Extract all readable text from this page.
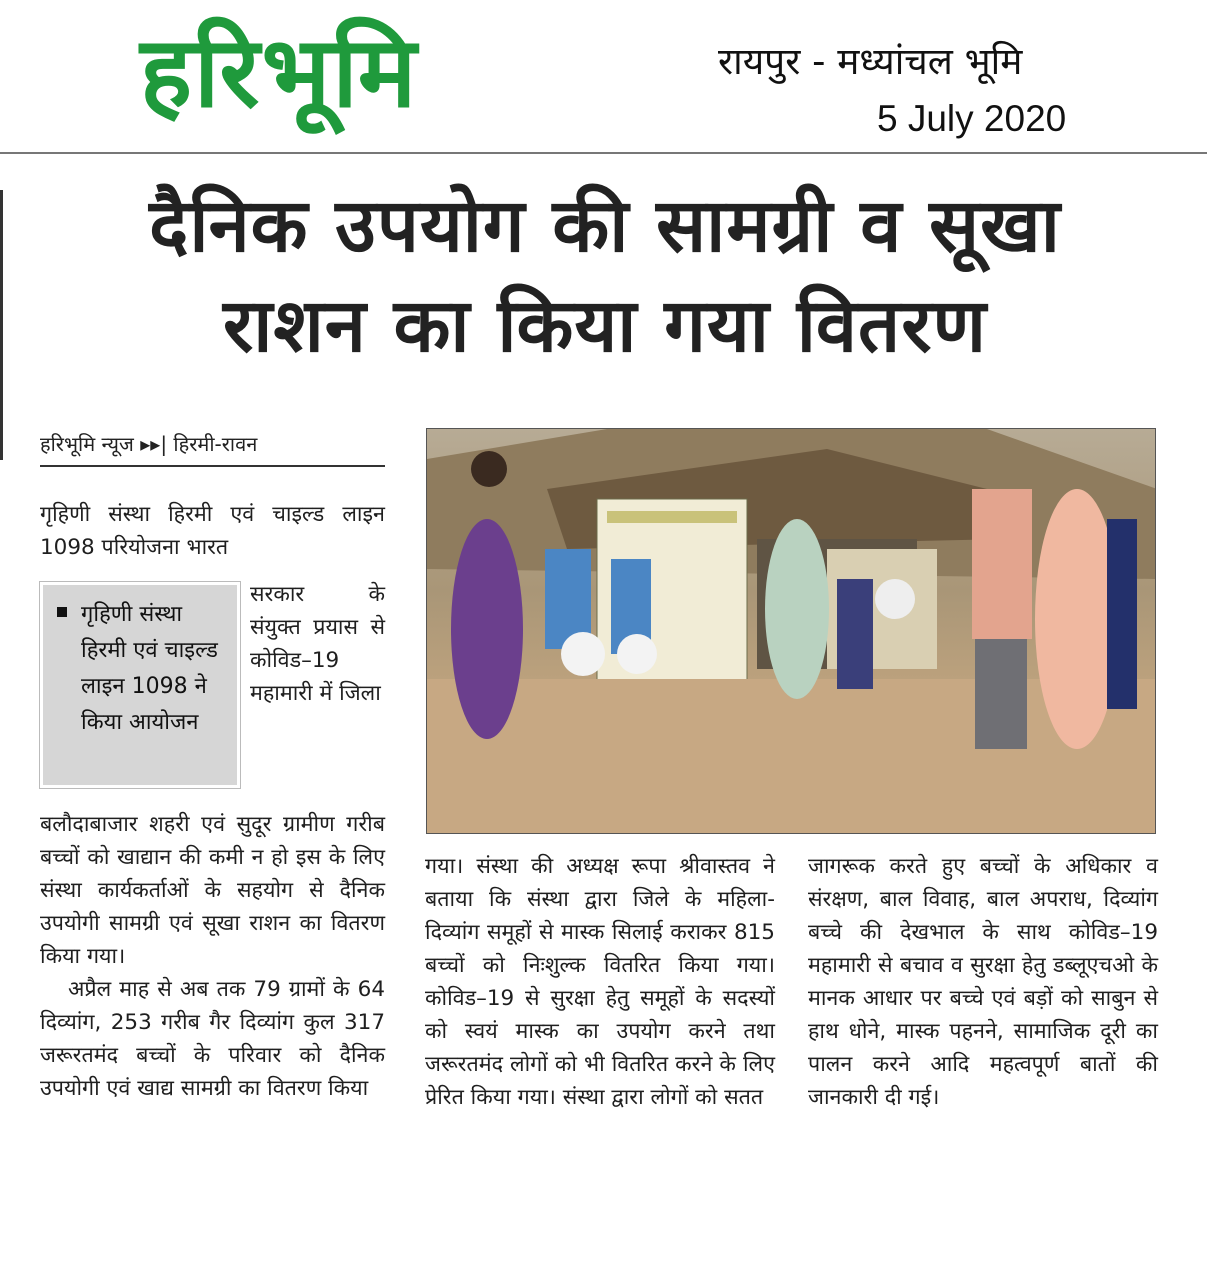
हरिभूमि	रायपुर - मध्यांचल भूमि
5 July 2020
दैनिक उपयोग की सामग्री व सूखा
राशन का किया गया वितरण
हरिभूमि न्यूज ▸▸| हिरमी-रावन

गृहिणी संस्था हिरमी एवं चाइल्ड लाइन 1098 परियोजना भारत

गृहिणी संस्था हिरमी एवं चाइल्ड लाइन 1098 ने किया आयोजन

सरकार के संयुक्त प्रयास से कोविड–19 महामारी में जिला

बलौदाबाजार शहरी एवं सुदूर ग्रामीण गरीब बच्चों को खाद्यान की कमी न हो इस के लिए संस्था कार्यकर्ताओं के सहयोग से दैनिक उपयोगी सामग्री एवं सूखा राशन का वितरण किया गया।

अप्रैल माह से अब तक 79 ग्रामों के 64 दिव्यांग, 253 गरीब गैर दिव्यांग कुल 317 जरूरतमंद बच्चों के परिवार को दैनिक उपयोगी एवं खाद्य सामग्री का वितरण किया

गया। संस्था की अध्यक्ष रूपा श्रीवास्तव ने बताया कि संस्था द्वारा जिले के महिला-दिव्यांग समूहों से मास्क सिलाई कराकर 815 बच्चों को निःशुल्क वितरित किया गया। कोविड–19 से सुरक्षा हेतु समूहों के सदस्यों को स्वयं मास्क का उपयोग करने तथा जरूरतमंद लोगों को भी वितरित करने के लिए प्रेरित किया गया। संस्था द्वारा लोगों को सतत

जागरूक करते हुए बच्चों के अधिकार व संरक्षण, बाल विवाह, बाल अपराध, दिव्यांग बच्चे की देखभाल के साथ कोविड–19 महामारी से बचाव व सुरक्षा हेतु डब्लूएचओ के मानक आधार पर बच्चे एवं बड़ों को साबुन से हाथ धोने, मास्क पहनने, सामाजिक दूरी का पालन करने आदि महत्वपूर्ण बातों की जानकारी दी गई।
